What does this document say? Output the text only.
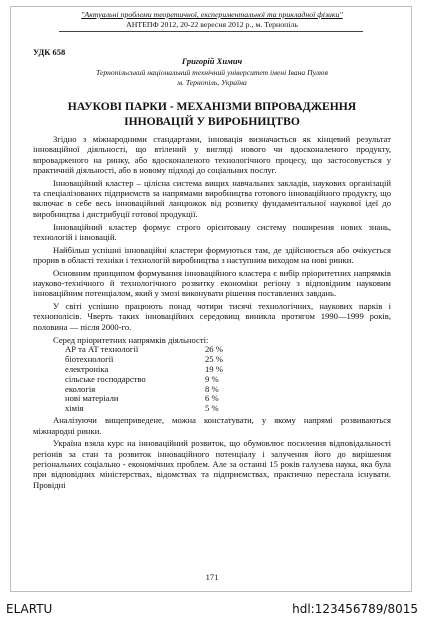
"Актуальні проблеми теоретичної, експериментальної та прикладної фізики"
АНТЕПФ 2012, 20-22 вересня 2012 р., м. Тернопіль
УДК 658
Григорій Химич
Тернопільський національний технічний університет імені Івана Пулюя
м. Тернопіль, Україна
НАУКОВІ ПАРКИ - МЕХАНІЗМИ ВПРОВАДЖЕННЯ
ІННОВАЦІЙ У ВИРОБНИЦТВО

Згідно з міжнародними стандартами, інновація визначається як кінцевий результат інноваційної діяльності, що втілений у вигляді нового чи вдосконаленого продукту, впровадженого на ринку, або вдосконаленого технологічного процесу, що застосовується у практичній діяльності, або в новому підході до соціальних послуг.

Інноваційний кластер – цілісна система вищих навчальних закладів, наукових організацій та спеціалізованих підприємств за напрямами виробництва готового інноваційного продукту, що включає в себе весь інноваційний ланцюжок від розвитку фундаментальної наукової ідеї до виробництва і дистрибуції готової продукції.

Інноваційний кластер формує строго орієнтовану систему поширення нових знань, технологій і інновацій.

Найбільш успішні інноваційні кластери формуються там, де здійснюється або очікується прорив в області техніки і технологій виробництва з наступним виходом на нові ринки.

Основним принципом формування інноваційного кластера є вибір пріоритетних напрямків науково-технічного й технологічного розвитку економіки регіону з відповідним науковим інноваційним потенціалом, який у змозі виконувати рішення поставлених завдань.

У світі успішно працюють понад чотири тисячі технологічних, наукових парків і технополісів. Чверть таких інноваційних середовищ виникла протягом 1990—1999 років, половина — після 2000-го.

Серед пріоритетних напрямків діяльності:

АР та АТ технології	26 %
біотехнології	25 %
електроніка	19 %
сільське господарство	9 %
екологія	8 %
нові матеріали	6 %
хімія	5 %

Аналізуючи вищеприведене, можна констатувати, у якому напрямі розвиваються міжнародні ринки.

Україна взяла курс на інноваційний розвиток, що обумовлює посилення відповідальності регіонів за стан та розвиток інноваційного потенціалу і залучення його до вирішення регіональних соціально - економічних проблем. Але за останні 15 років галузева наука, яка була при відповідних міністерствах, відомствах та підприємствах, практично перестала існувати. Провідні

171
ELARTU	hdl:123456789/8015
